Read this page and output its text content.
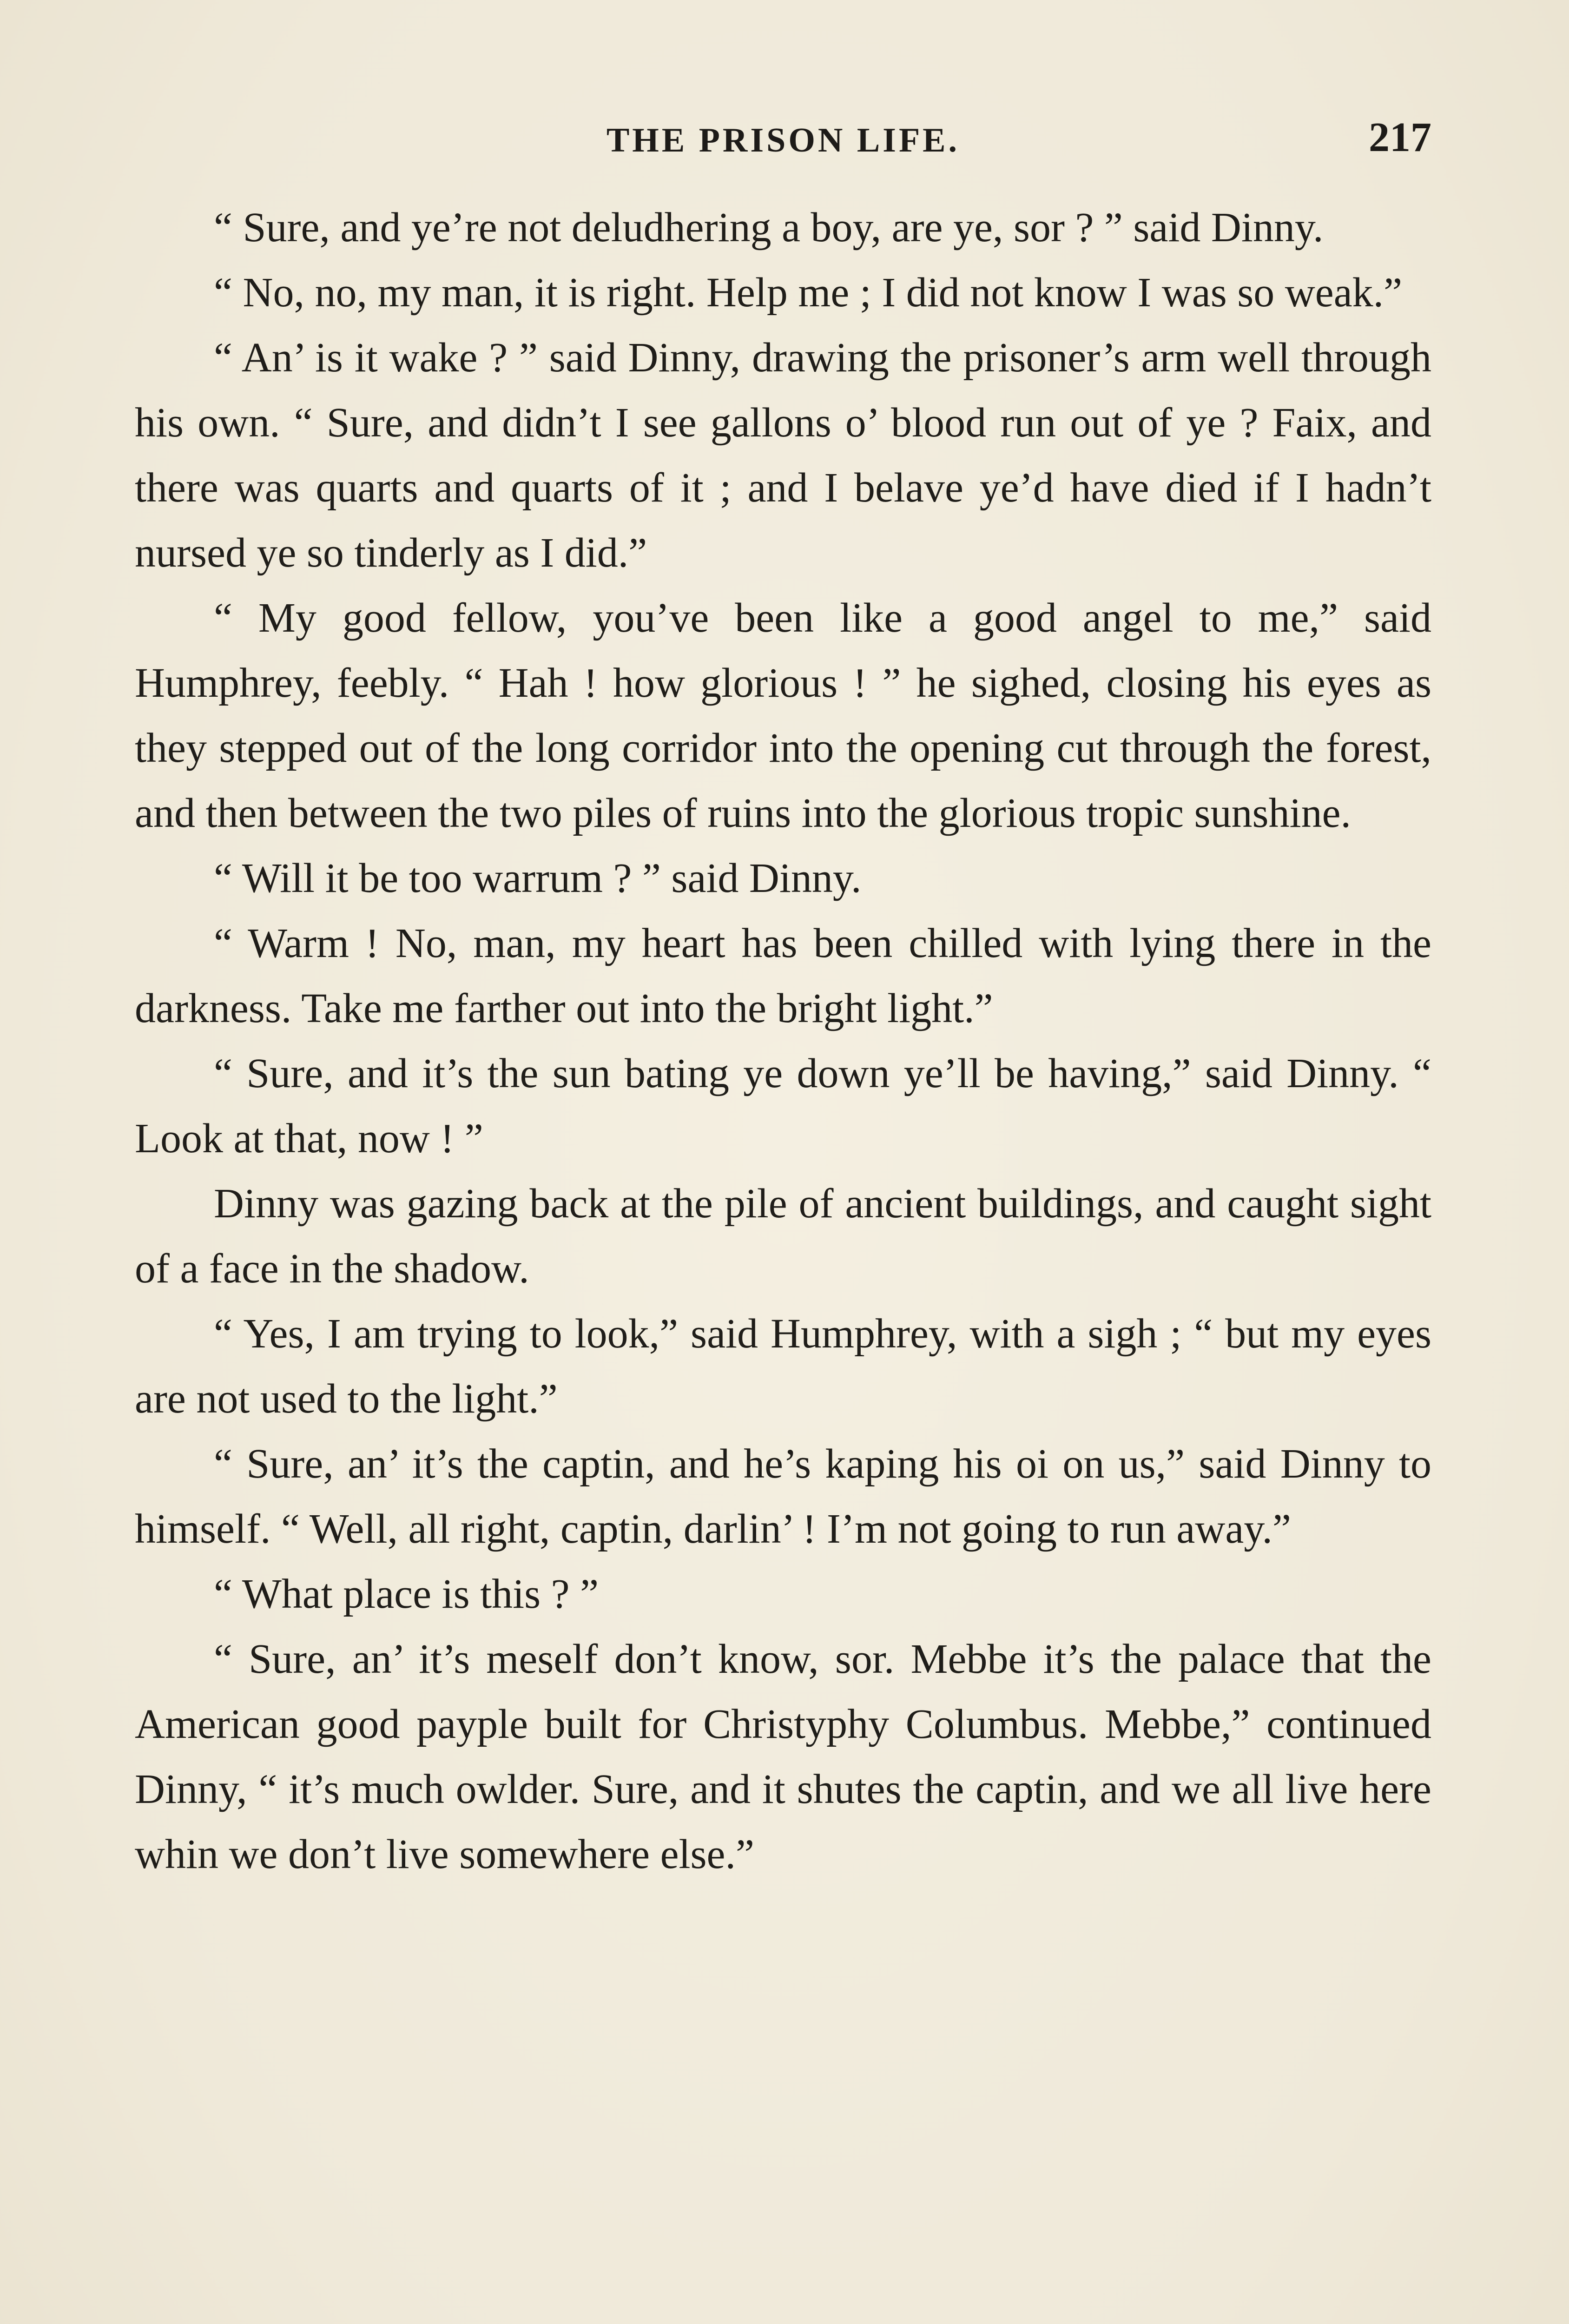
THE PRISON LIFE.	217

“ Sure, and ye’re not deludhering a boy, are ye, sor ? ” said Dinny.

“ No, no, my man, it is right. Help me ; I did not know I was so weak.”

“ An’ is it wake ? ” said Dinny, drawing the prisoner’s arm well through his own. “ Sure, and didn’t I see gallons o’ blood run out of ye ? Faix, and there was quarts and quarts of it ; and I belave ye’d have died if I hadn’t nursed ye so tinderly as I did.”

“ My good fellow, you’ve been like a good angel to me,” said Humphrey, feebly. “ Hah ! how glorious ! ” he sighed, closing his eyes as they stepped out of the long corridor into the opening cut through the forest, and then between the two piles of ruins into the glorious tropic sunshine.

“ Will it be too warrum ? ” said Dinny.

“ Warm ! No, man, my heart has been chilled with lying there in the darkness. Take me farther out into the bright light.”

“ Sure, and it’s the sun bating ye down ye’ll be having,” said Dinny. “ Look at that, now ! ”

Dinny was gazing back at the pile of ancient buildings, and caught sight of a face in the shadow.

“ Yes, I am trying to look,” said Humphrey, with a sigh ; “ but my eyes are not used to the light.”

“ Sure, an’ it’s the captin, and he’s kaping his oi on us,” said Dinny to himself. “ Well, all right, captin, darlin’ ! I’m not going to run away.”

“ What place is this ? ”

“ Sure, an’ it’s meself don’t know, sor. Mebbe it’s the palace that the American good payple built for Christyphy Columbus. Mebbe,” continued Dinny, “ it’s much owlder. Sure, and it shutes the captin, and we all live here whin we don’t live somewhere else.”
